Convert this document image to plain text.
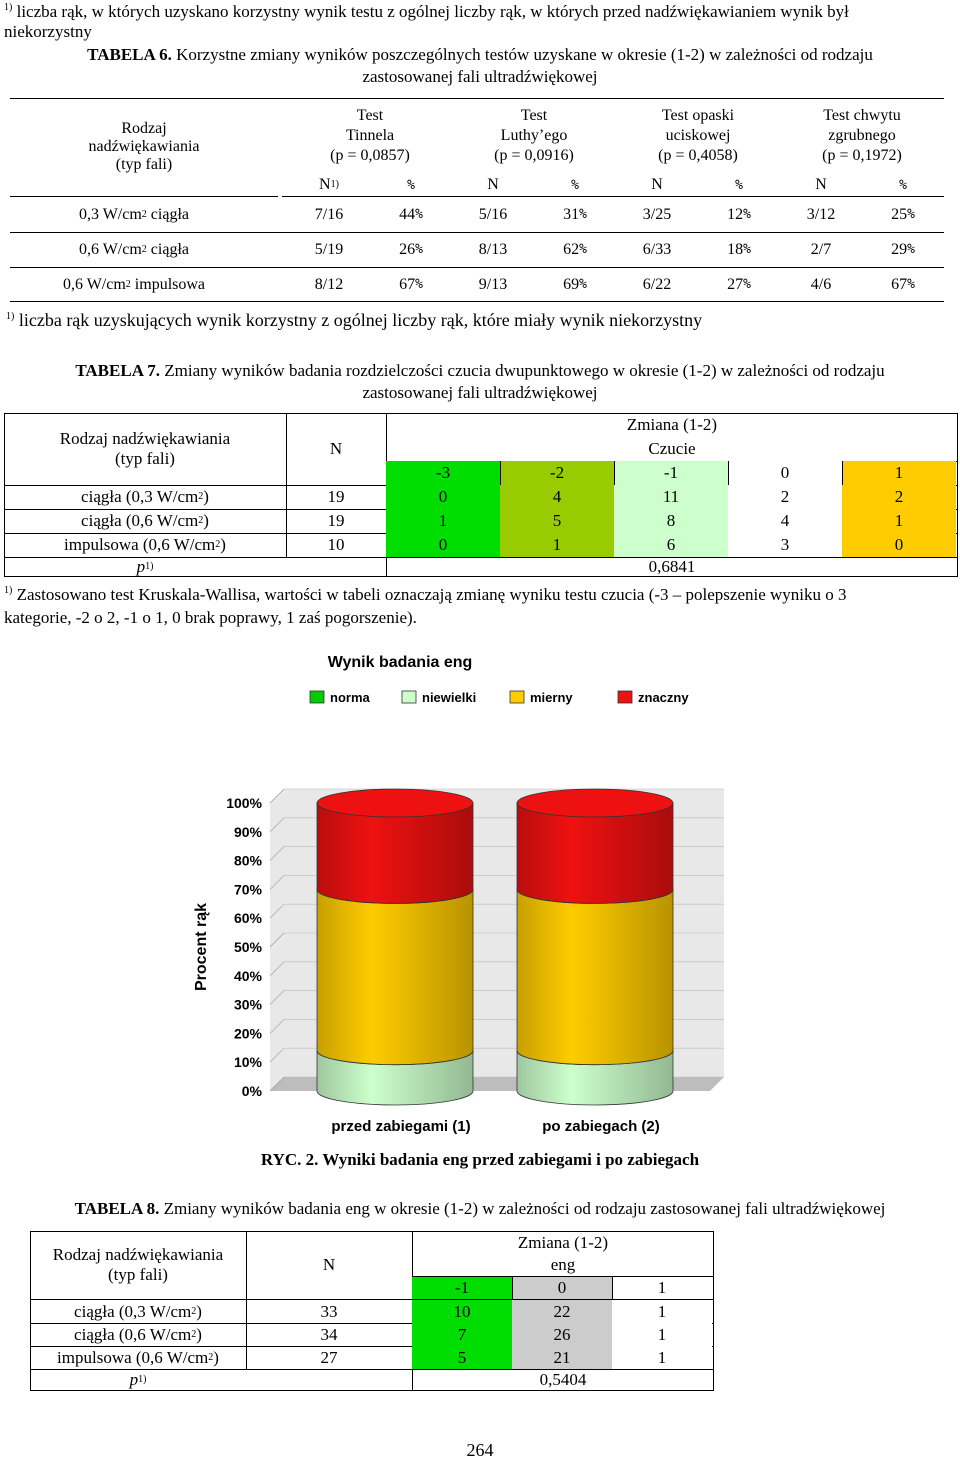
$^{1)}$ liczba rąk, w których uzyskano korzystny wynik testu z ogólnej liczby rąk, w których przed nadźwiękawianiem wynik był
niekorzystny
TABELA 6. Korzystne zmiany wyników poszczególnych testów uzyskane w okresie (1-2) w zależności od rodzaju
zastosowanej fali ultradźwiękowej
Rodzaj
nadźwiękawiania
(typ fali)
Test
Tinnela
(p = 0,0857)
N 1)	%
Test
Luthy’ego
(p = 0,0916)
N	%
Test opaski
uciskowej
(p = 0,4058)
N	%
Test chwytu
zgrubnego
(p = 0,1972)
N	%
0,3 W/cm 2 ciągła	7/16	44 %	5/16	31 %	3/25	12 %	3/12	25 %
0,6 W/cm 2 ciągła	5/19	26 %	8/13	62 %	6/33	18 %	2/7	29 %
0,6 W/cm 2 impulsowa	8/12	67 %	9/13	69 %	6/22	27 %	4/6	67 %
$^{1)}$ liczba rąk uzyskujących wynik korzystny z ogólnej liczby rąk, które miały wynik niekorzystny
TABELA 7. Zmiany wyników badania rozdzielczości czucia dwupunktowego w okresie (1-2) w zależności od rodzaju
zastosowanej fali ultradźwiękowej
Rodzaj nadźwiękawiania
(typ fali)
N
Zmiana (1-2)
Czucie
-3	-2	-1	0	1
ciągła (0,3 W/cm 2 )	19	0	4	11	2	2
ciągła (0,6 W/cm 2 )	19	1	5	8	4	1
impulsowa (0,6 W/cm 2 )	10	0	1	6	3	0
p 1)	0,6841
$^{1)}$ Zastosowano test Kruskala-Wallisa, wartości w tabeli oznaczają zmianę wyniku testu czucia (-3 – polepszenie wyniku o 3
kategorie, -2 o 2, -1 o 1, 0 brak poprawy, 1 zaś pogorszenie).
Wynik badania eng
norma	niewielki	mierny	znaczny
0%
10%
20%
30%
40%
50%
60%
70%
80%
90%
100%
Procent rąk
przed zabiegami (1)	po zabiegach (2)
RYC. 2. Wyniki badania eng przed zabiegami i po zabiegach
TABELA 8. Zmiany wyników badania eng w okresie (1-2) w zależności od rodzaju zastosowanej fali ultradźwiękowej
Rodzaj nadźwiękawiania
(typ fali)
N
Zmiana (1-2)
eng
-1	0	1
ciągła (0,3 W/cm 2 )	33	10	22	1
ciągła (0,6 W/cm 2 )	34	7	26	1
impulsowa (0,6 W/cm 2 )	27	5	21	1
p 1)	0,5404
264
